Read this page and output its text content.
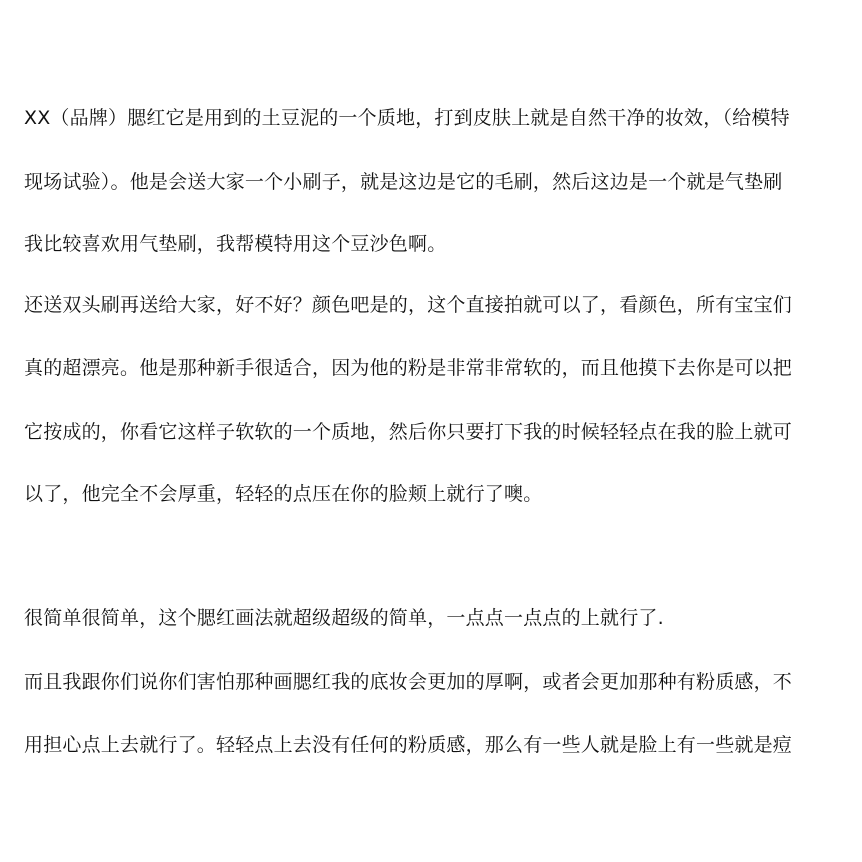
XX（品牌）腮红它是用到的土豆泥的一个质地，打到皮肤上就是自然干净的妆效，（给模特
现场试验）。他是会送大家一个小刷子，就是这边是它的毛刷，然后这边是一个就是气垫刷
我比较喜欢用气垫刷，我帮模特用这个豆沙色啊。
还送双头刷再送给大家，好不好？颜色吧是的，这个直接拍就可以了，看颜色，所有宝宝们
真的超漂亮。他是那种新手很适合，因为他的粉是非常非常软的，而且他摸下去你是可以把
它按成的，你看它这样子软软的一个质地，然后你只要打下我的时候轻轻点在我的脸上就可
以了，他完全不会厚重，轻轻的点压在你的脸颊上就行了噢。
很简单很简单，这个腮红画法就超级超级的简单，一点点一点点的上就行了.
而且我跟你们说你们害怕那种画腮红我的底妆会更加的厚啊，或者会更加那种有粉质感，不
用担心点上去就行了。轻轻点上去没有任何的粉质感，那么有一些人就是脸上有一些就是痘
